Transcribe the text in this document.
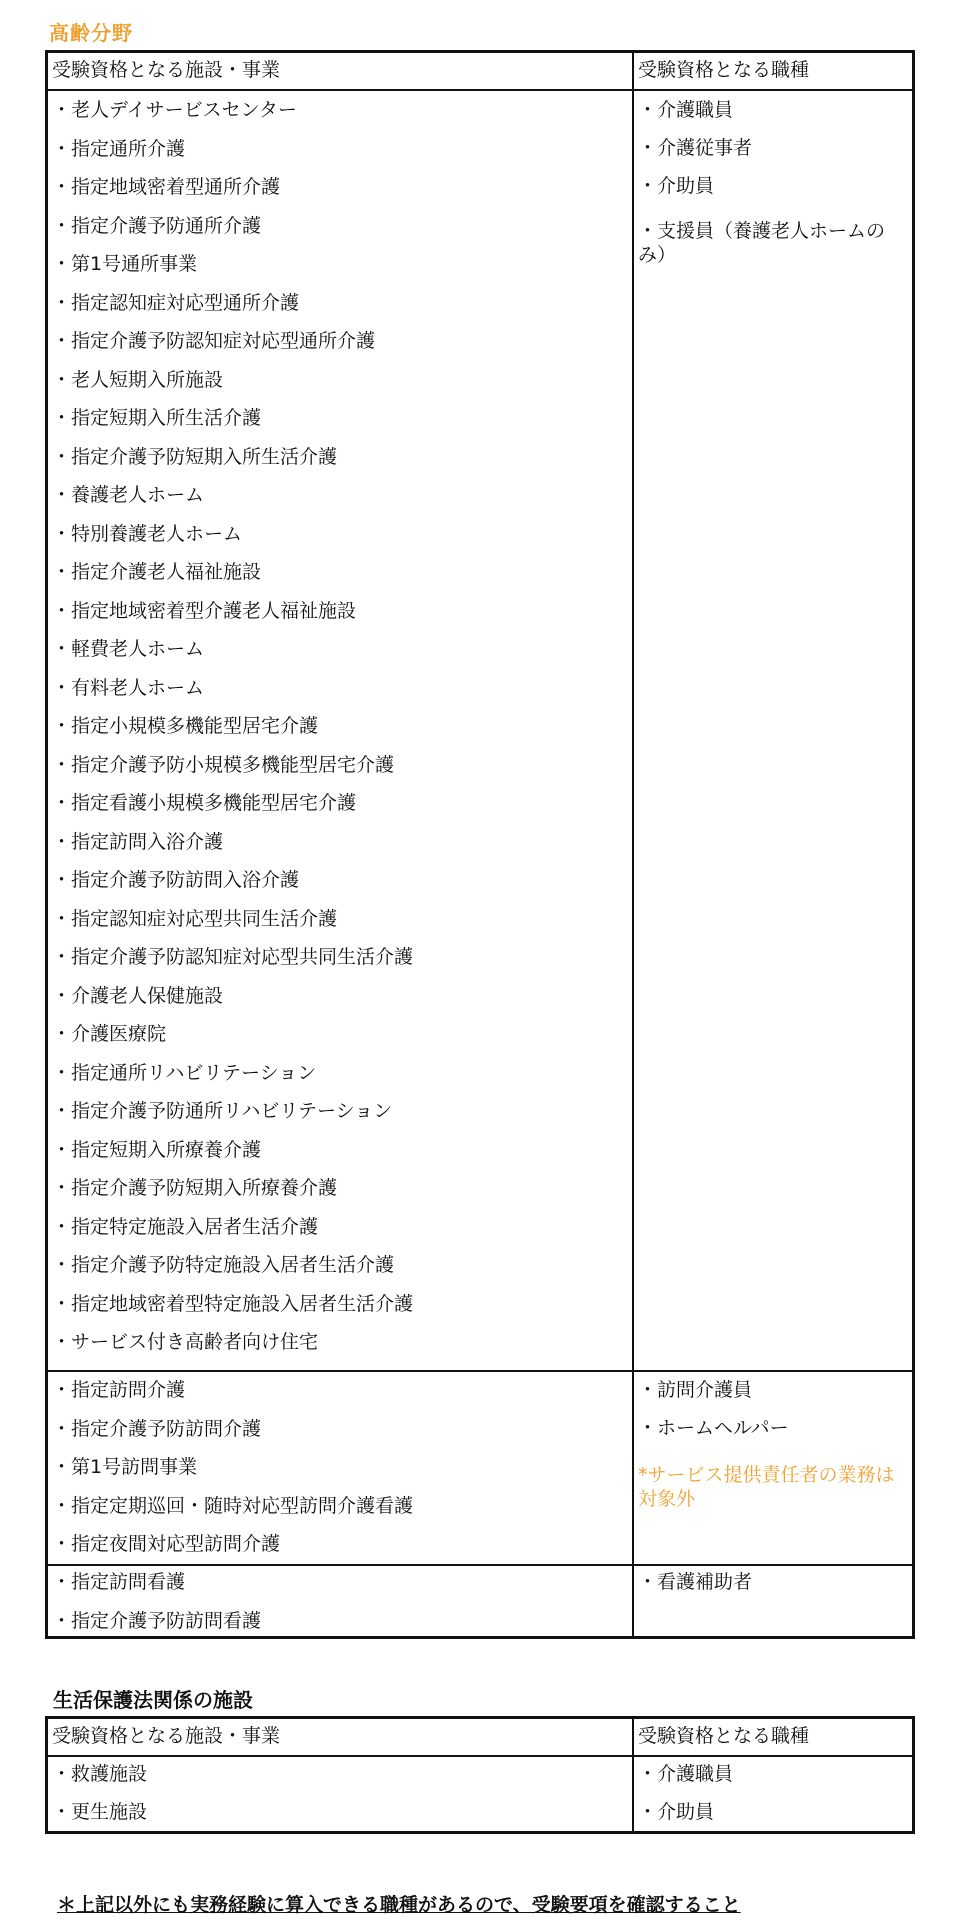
高齢分野
受験資格となる施設・事業	受験資格となる職種
・老人デイサービスセンター
・指定通所介護
・指定地域密着型通所介護
・指定介護予防通所介護
・第1号通所事業
・指定認知症対応型通所介護
・指定介護予防認知症対応型通所介護
・老人短期入所施設
・指定短期入所生活介護
・指定介護予防短期入所生活介護
・養護老人ホーム
・特別養護老人ホーム
・指定介護老人福祉施設
・指定地域密着型介護老人福祉施設
・軽費老人ホーム
・有料老人ホーム
・指定小規模多機能型居宅介護
・指定介護予防小規模多機能型居宅介護
・指定看護小規模多機能型居宅介護
・指定訪問入浴介護
・指定介護予防訪問入浴介護
・指定認知症対応型共同生活介護
・指定介護予防認知症対応型共同生活介護
・介護老人保健施設
・介護医療院
・指定通所リハビリテーション
・指定介護予防通所リハビリテーション
・指定短期入所療養介護
・指定介護予防短期入所療養介護
・指定特定施設入居者生活介護
・指定介護予防特定施設入居者生活介護
・指定地域密着型特定施設入居者生活介護
・サービス付き高齢者向け住宅
・介護職員
・介護従事者
・介助員
・支援員（養護老人ホームのみ）
・指定訪問介護
・指定介護予防訪問介護
・第1号訪問事業
・指定定期巡回・随時対応型訪問介護看護
・指定夜間対応型訪問介護
・訪問介護員
・ホームヘルパー
*サービス提供責任者の業務は対象外
・指定訪問看護
・指定介護予防訪問看護
・看護補助者
生活保護法関係の施設
受験資格となる施設・事業	受験資格となる職種
・救護施設
・更生施設
・介護職員
・介助員
＊上記以外にも実務経験に算入できる職種があるので、受験要項を確認すること
